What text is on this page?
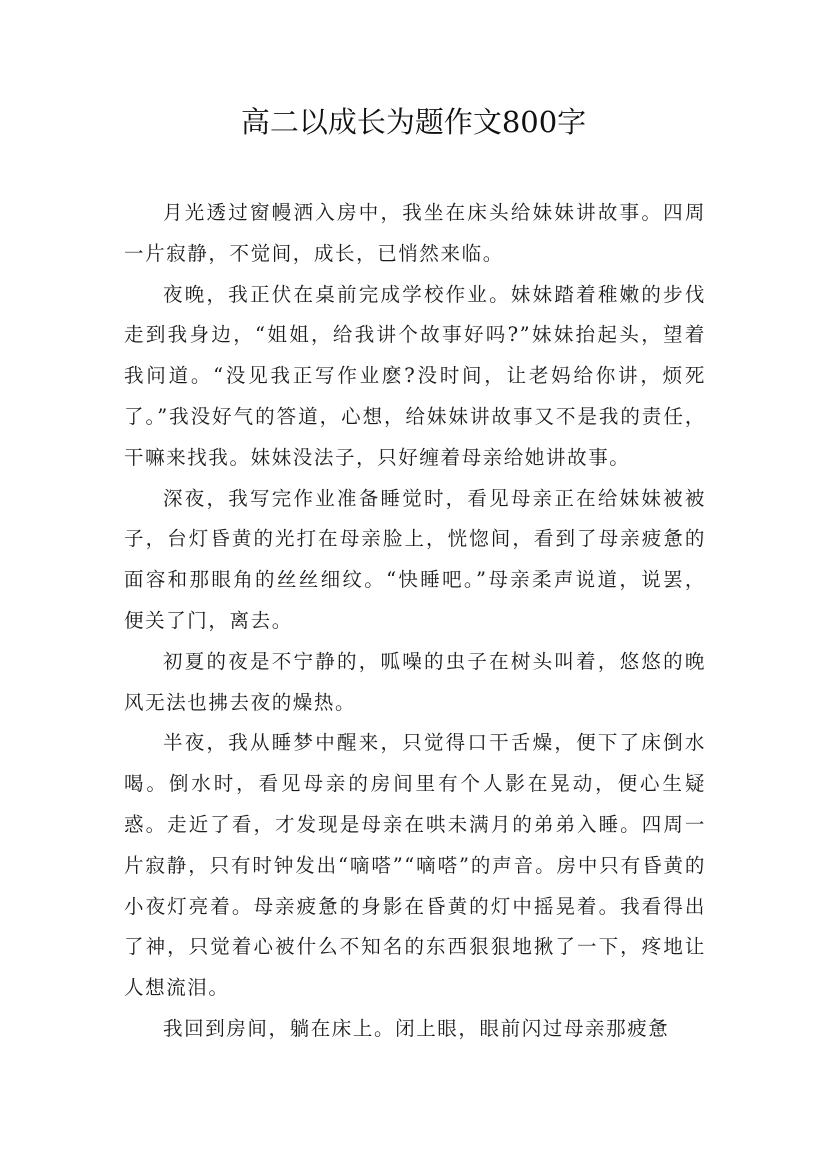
高二以成长为题作文800字

月光透过窗幔洒入房中，我坐在床头给妹妹讲故事。四周一片寂静，不觉间，成长，已悄然来临。

夜晚，我正伏在桌前完成学校作业。妹妹踏着稚嫩的步伐走到我身边，“姐姐，给我讲个故事好吗?”妹妹抬起头，望着我问道。“没见我正写作业麽?没时间，让老妈给你讲，烦死了。”我没好气的答道，心想，给妹妹讲故事又不是我的责任，干嘛来找我。妹妹没法子，只好缠着母亲给她讲故事。

深夜，我写完作业准备睡觉时，看见母亲正在给妹妹被被子，台灯昏黄的光打在母亲脸上，恍惚间，看到了母亲疲惫的面容和那眼角的丝丝细纹。“快睡吧。”母亲柔声说道，说罢，便关了门，离去。

初夏的夜是不宁静的，呱噪的虫子在树头叫着，悠悠的晚风无法也拂去夜的燥热。

半夜，我从睡梦中醒来，只觉得口干舌燥，便下了床倒水喝。倒水时，看见母亲的房间里有个人影在晃动，便心生疑惑。走近了看，才发现是母亲在哄未满月的弟弟入睡。四周一片寂静，只有时钟发出“嘀嗒”“嘀嗒”的声音。房中只有昏黄的小夜灯亮着。母亲疲惫的身影在昏黄的灯中摇晃着。我看得出了神，只觉着心被什么不知名的东西狠狠地揪了一下，疼地让人想流泪。

我回到房间，躺在床上。闭上眼，眼前闪过母亲那疲惫
